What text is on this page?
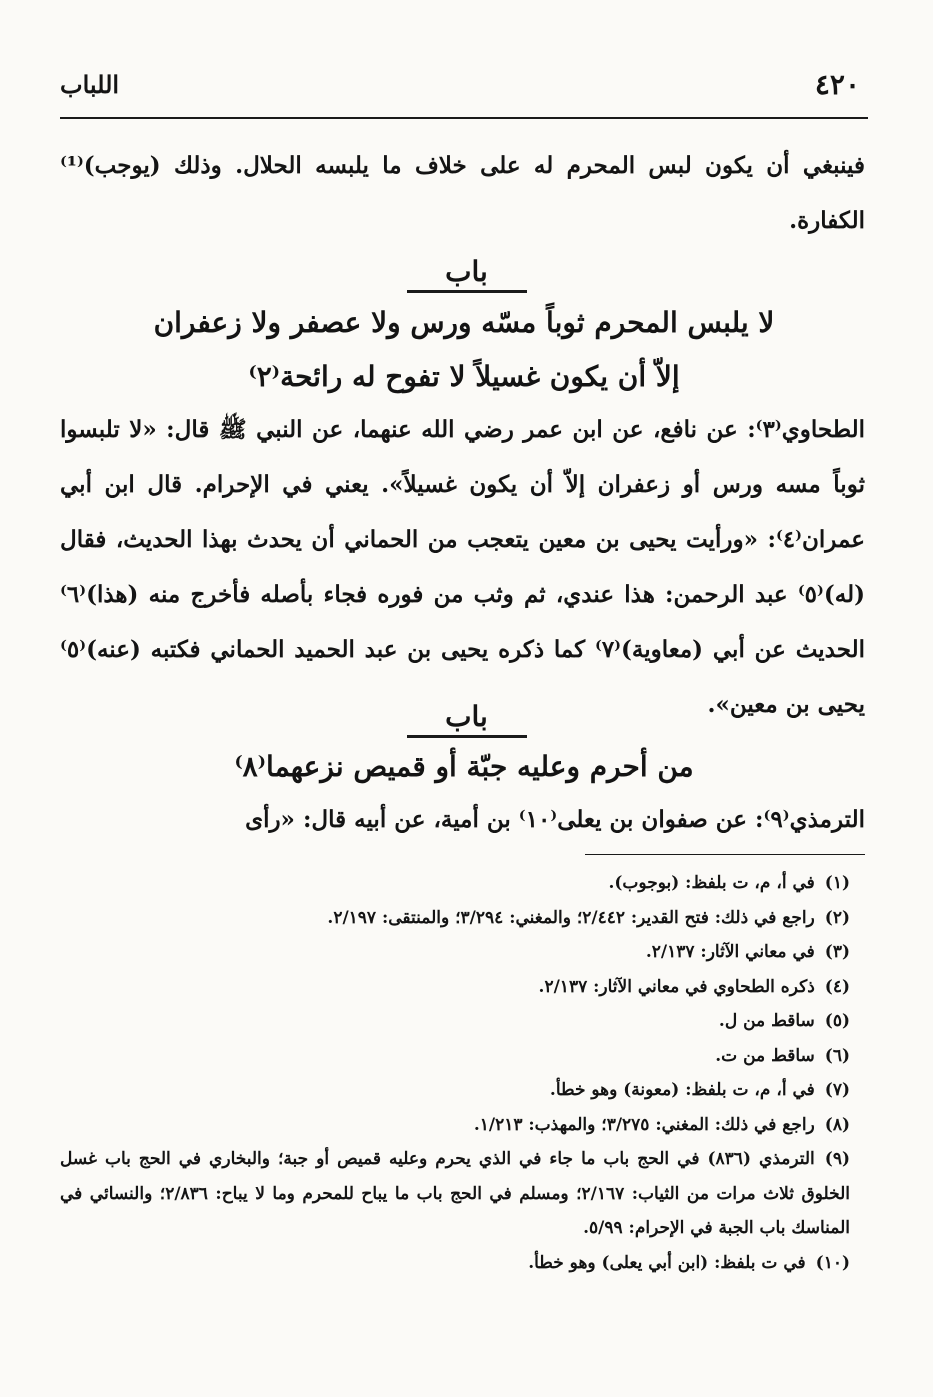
٤٢٠
اللباب
فينبغي أن يكون لبس المحرم له على خلاف ما يلبسه الحلال. وذلك (يوجب)⁽¹⁾ الكفارة.
باب
لا يلبس المحرم ثوباً مسّه ورس ولا عصفر ولا زعفران
إلاّ أن يكون غسيلاً لا تفوح له رائحة⁽٢⁾
الطحاوي⁽٣⁾: عن نافع، عن ابن عمر رضي الله عنهما، عن النبي ﷺ قال: «لا تلبسوا ثوباً مسه ورس أو زعفران إلاّ أن يكون غسيلاً». يعني في الإحرام. قال ابن أبي عمران⁽٤⁾: «ورأيت يحيى بن معين يتعجب من الحماني أن يحدث بهذا الحديث، فقال (له)⁽٥⁾ عبد الرحمن: هذا عندي، ثم وثب من فوره فجاء بأصله فأخرج منه (هذا)⁽٦⁾ الحديث عن أبي (معاوية)⁽٧⁾ كما ذكره يحيى بن عبد الحميد الحماني فكتبه (عنه)⁽٥⁾ يحيى بن معين».
باب
من أحرم وعليه جبّة أو قميص نزعهما⁽٨⁾
الترمذي⁽٩⁾: عن صفوان بن يعلى⁽١٠⁾ بن أمية، عن أبيه قال: «رأى
(١)في أ، م، ت بلفظ: (بوجوب).
(٢)راجع في ذلك: فتح القدير: ٢/٤٤٢؛ والمغني: ٣/٢٩٤؛ والمنتقى: ٢/١٩٧.
(٣)في معاني الآثار: ٢/١٣٧.
(٤)ذكره الطحاوي في معاني الآثار: ٢/١٣٧.
(٥)ساقط من ل.
(٦)ساقط من ت.
(٧)في أ، م، ت بلفظ: (معونة) وهو خطأ.
(٨)راجع في ذلك: المغني: ٣/٢٧٥؛ والمهذب: ١/٢١٣.
(٩)الترمذي (٨٣٦) في الحج باب ما جاء في الذي يحرم وعليه قميص أو جبة؛ والبخاري في الحج باب غسل الخلوق ثلاث مرات من الثياب: ٢/١٦٧؛ ومسلم في الحج باب ما يباح للمحرم وما لا يباح: ٢/٨٣٦؛ والنسائي في المناسك باب الجبة في الإحرام: ٥/٩٩.
(١٠)في ت بلفظ: (ابن أبي يعلى) وهو خطأ.
